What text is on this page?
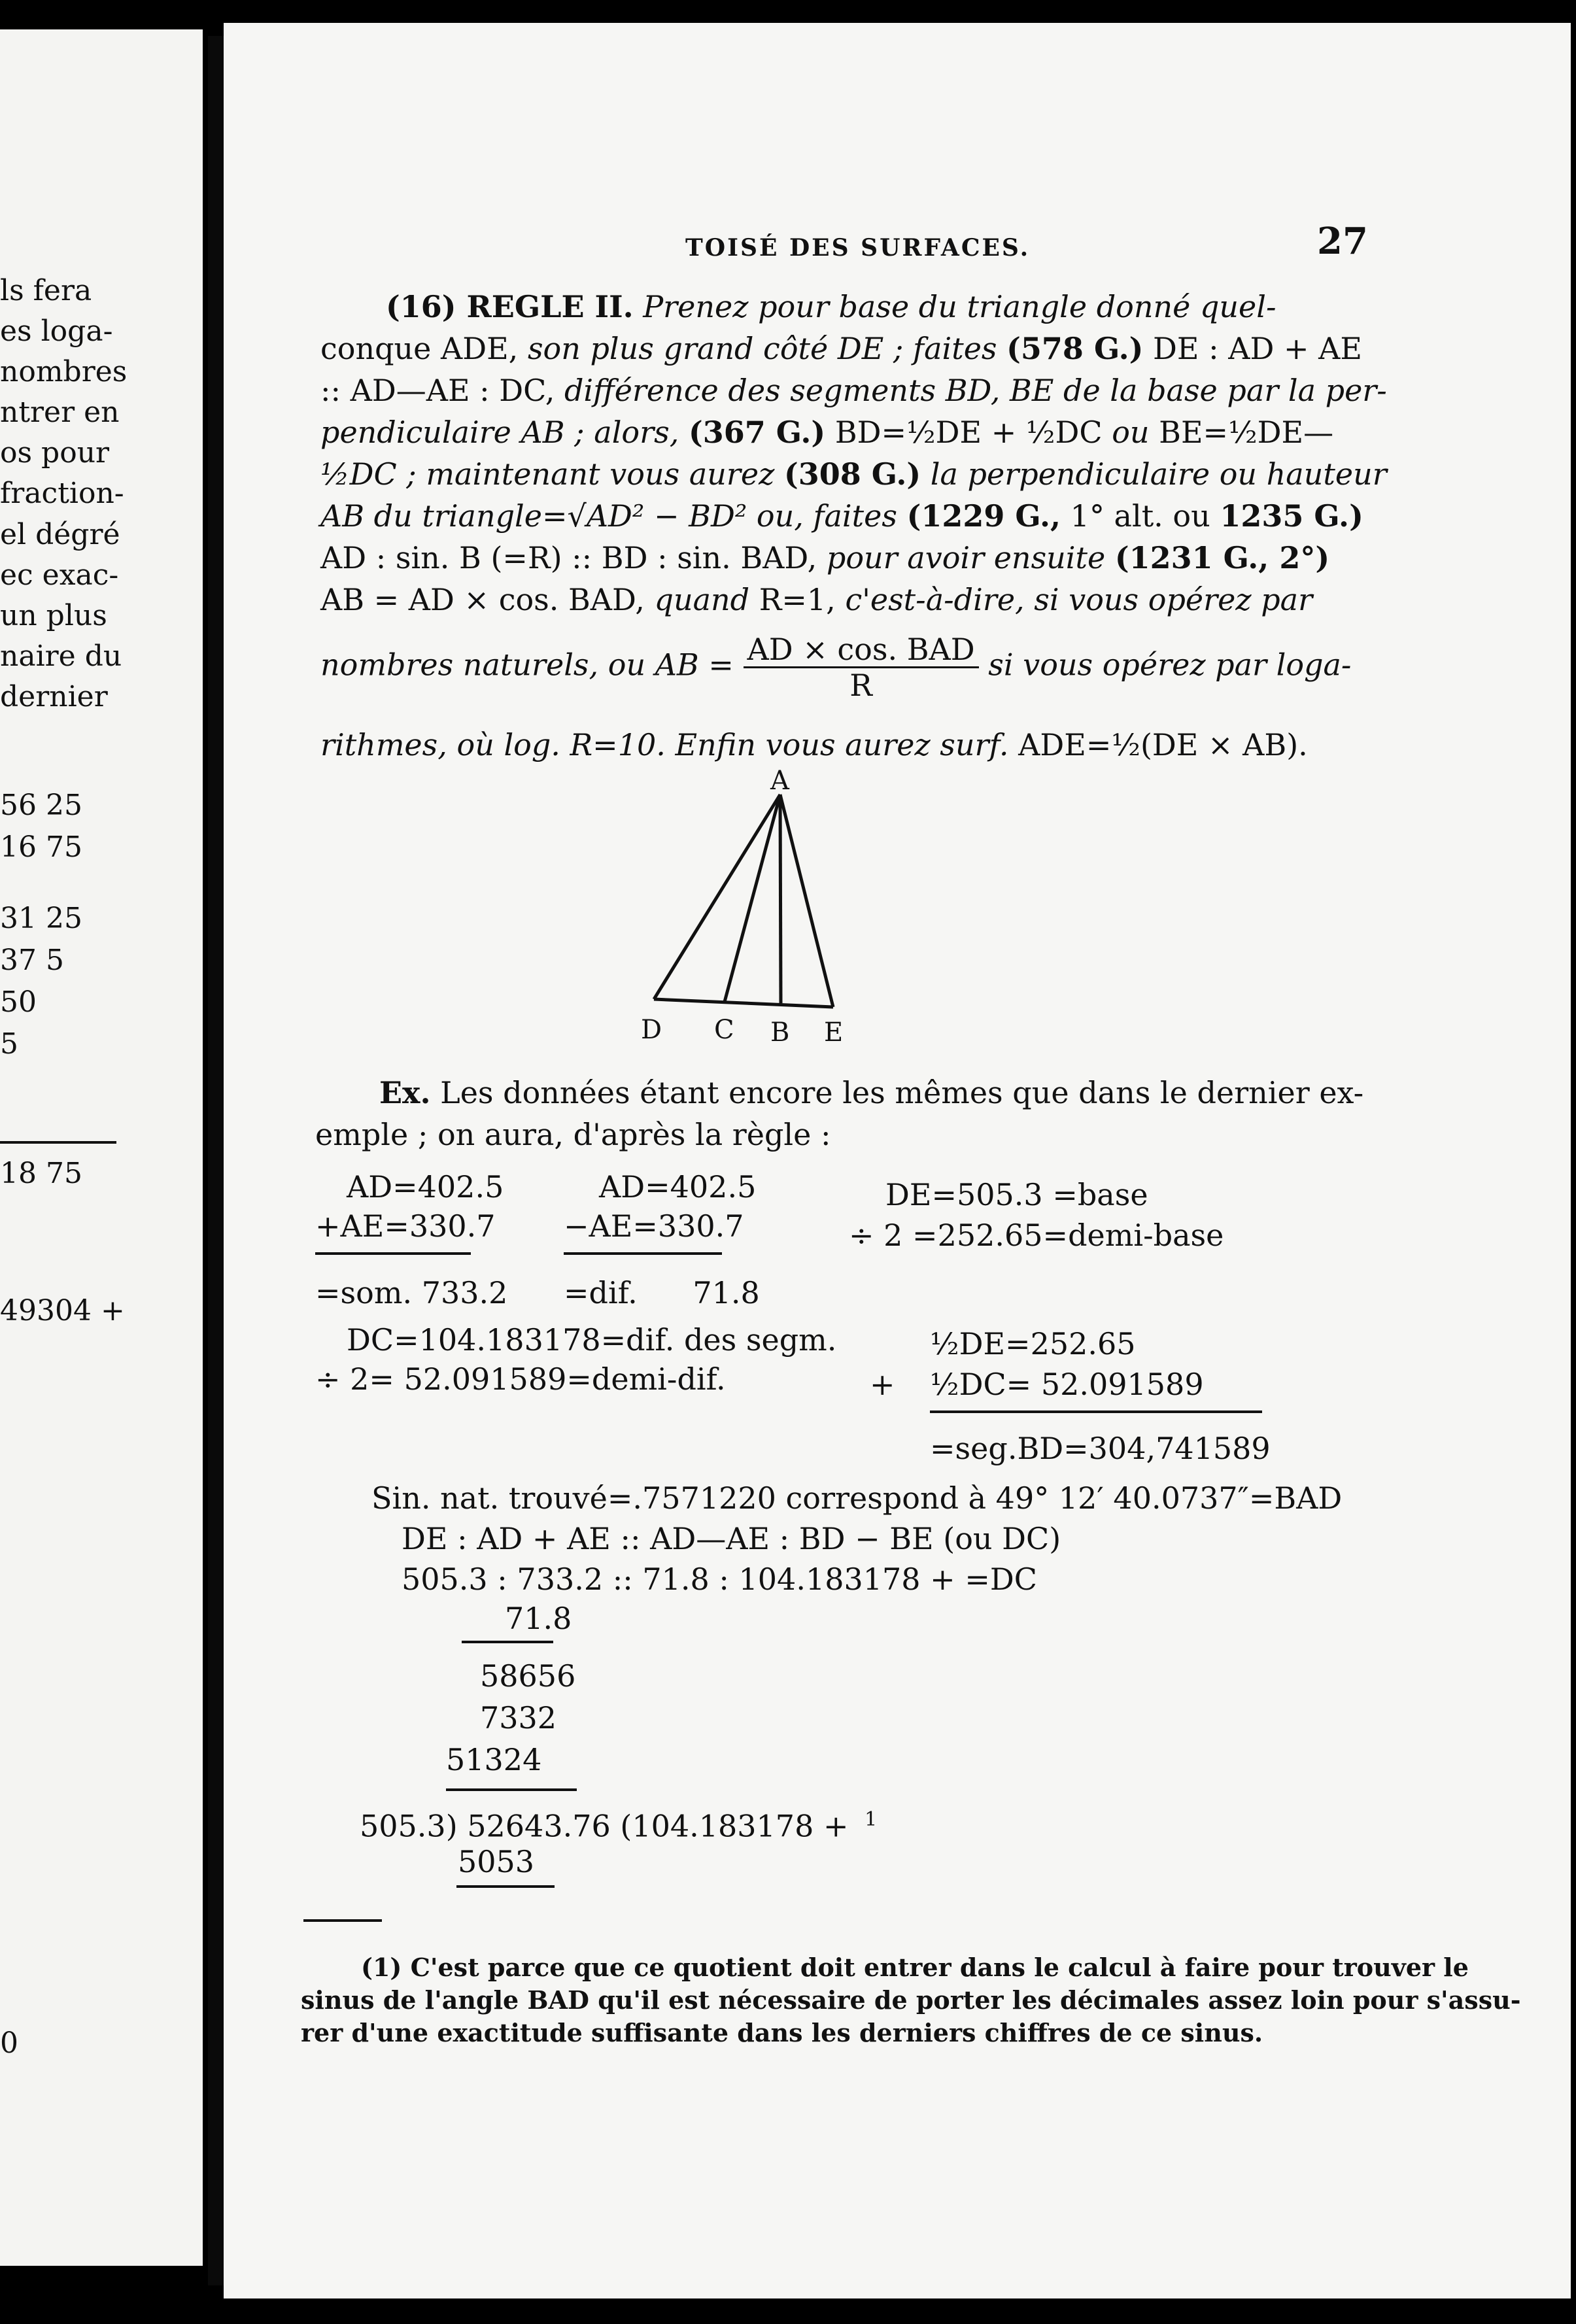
ls fera
es loga-
nombres
ntrer en
os pour
fraction-
el dégré
ec exac-
un plus
naire du
dernier
56 25
16 75
31 25
37 5
50
5
18 75
49304 +
0
TOISÉ DES SURFACES.	27
(16) REGLE II. Prenez pour base du triangle donné quel-
conque ADE, son plus grand côté DE ; faites (578 G.) DE : AD + AE
:: AD—AE : DC, différence des segments BD, BE de la base par la per-
pendiculaire AB ; alors, (367 G.) BD=½DE + ½DC ou BE=½DE—
½DC ; maintenant vous aurez (308 G.) la perpendiculaire ou hauteur
AB du triangle=√AD² − BD² ou, faites (1229 G., 1° alt. ou 1235 G.)
AD : sin. B (=R) :: BD : sin. BAD, pour avoir ensuite (1231 G., 2°)
AB = AD × cos. BAD, quand R=1, c'est-à-dire, si vous opérez par
nombres naturels, ou AB = $\frac{\text{AD × cos. BAD}}{R}$ si vous opérez par loga-
rithmes, où log. R=10. Enfin vous aurez surf. ADE=½(DE × AB).
A
D C B E
Ex. Les données étant encore les mêmes que dans le dernier ex-
emple ; on aura, d'après la règle :
AD=402.5
+AE=330.7
=som. 733.2
AD=402.5
−AE=330.7
=dif. 71.8
DE=505.3 =base
÷ 2 =252.65=demi-base
DC=104.183178=dif. des segm.
÷ 2= 52.091589=demi-dif.
½DE=252.65
+ ½DC= 52.091589
=seg.BD=304,741589
Sin. nat. trouvé=.7571220 correspond à 49° 12′ 40.0737″=BAD
DE : AD + AE :: AD—AE : BD − BE (ou DC)
505.3 : 733.2 :: 71.8 : 104.183178 + =DC
71.8
58656
7332
51324
505.3) 52643.76 (104.183178 + $^1$
5053
(1) C'est parce que ce quotient doit entrer dans le calcul à faire pour trouver le
sinus de l'angle BAD qu'il est nécessaire de porter les décimales assez loin pour s'assu-
rer d'une exactitude suffisante dans les derniers chiffres de ce sinus.
